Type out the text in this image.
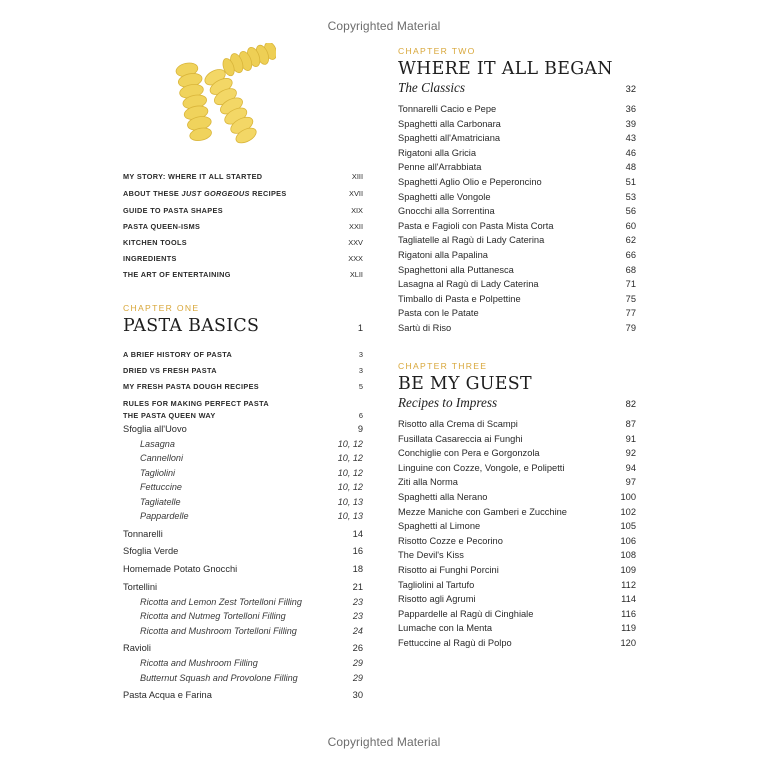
Copyrighted Material
MY STORY: WHERE IT ALL STARTED	XIII
ABOUT THESE JUST GORGEOUS RECIPES	XVII
GUIDE TO PASTA SHAPES	XIX
PASTA QUEEN-ISMS	XXII
KITCHEN TOOLS	XXV
INGREDIENTS	XXX
THE ART OF ENTERTAINING	XLII
CHAPTER ONE
PASTA BASICS	1
A BRIEF HISTORY OF PASTA	3
DRIED VS FRESH PASTA	3
MY FRESH PASTA DOUGH RECIPES	5
RULES FOR MAKING PERFECT PASTA
THE PASTA QUEEN WAY	6
Sfoglia all'Uovo	9
Lasagna	10, 12
Cannelloni	10, 12
Tagliolini	10, 12
Fettuccine	10, 12
Tagliatelle	10, 13
Pappardelle	10, 13
Tonnarelli	14
Sfoglia Verde	16
Homemade Potato Gnocchi	18
Tortellini	21
Ricotta and Lemon Zest Tortelloni Filling	23
Ricotta and Nutmeg Tortelloni Filling	23
Ricotta and Mushroom Tortelloni Filling	24
Ravioli	26
Ricotta and Mushroom Filling	29
Butternut Squash and Provolone Filling	29
Pasta Acqua e Farina	30
CHAPTER TWO
WHERE IT ALL BEGAN
The Classics	32
Tonnarelli Cacio e Pepe	36
Spaghetti alla Carbonara	39
Spaghetti all'Amatriciana	43
Rigatoni alla Gricia	46
Penne all'Arrabbiata	48
Spaghetti Aglio Olio e Peperoncino	51
Spaghetti alle Vongole	53
Gnocchi alla Sorrentina	56
Pasta e Fagioli con Pasta Mista Corta	60
Tagliatelle al Ragù di Lady Caterina	62
Rigatoni alla Papalina	66
Spaghettoni alla Puttanesca	68
Lasagna al Ragù di Lady Caterina	71
Timballo di Pasta e Polpettine	75
Pasta con le Patate	77
Sartù di Riso	79
CHAPTER THREE
BE MY GUEST
Recipes to Impress	82
Risotto alla Crema di Scampi	87
Fusillata Casareccia ai Funghi	91
Conchiglie con Pera e Gorgonzola	92
Linguine con Cozze, Vongole, e Polipetti	94
Ziti alla Norma	97
Spaghetti alla Nerano	100
Mezze Maniche con Gamberi e Zucchine	102
Spaghetti al Limone	105
Risotto Cozze e Pecorino	106
The Devil's Kiss	108
Risotto ai Funghi Porcini	109
Tagliolini al Tartufo	112
Risotto agli Agrumi	114
Pappardelle al Ragù di Cinghiale	116
Lumache con la Menta	119
Fettuccine al Ragù di Polpo	120
Copyrighted Material
